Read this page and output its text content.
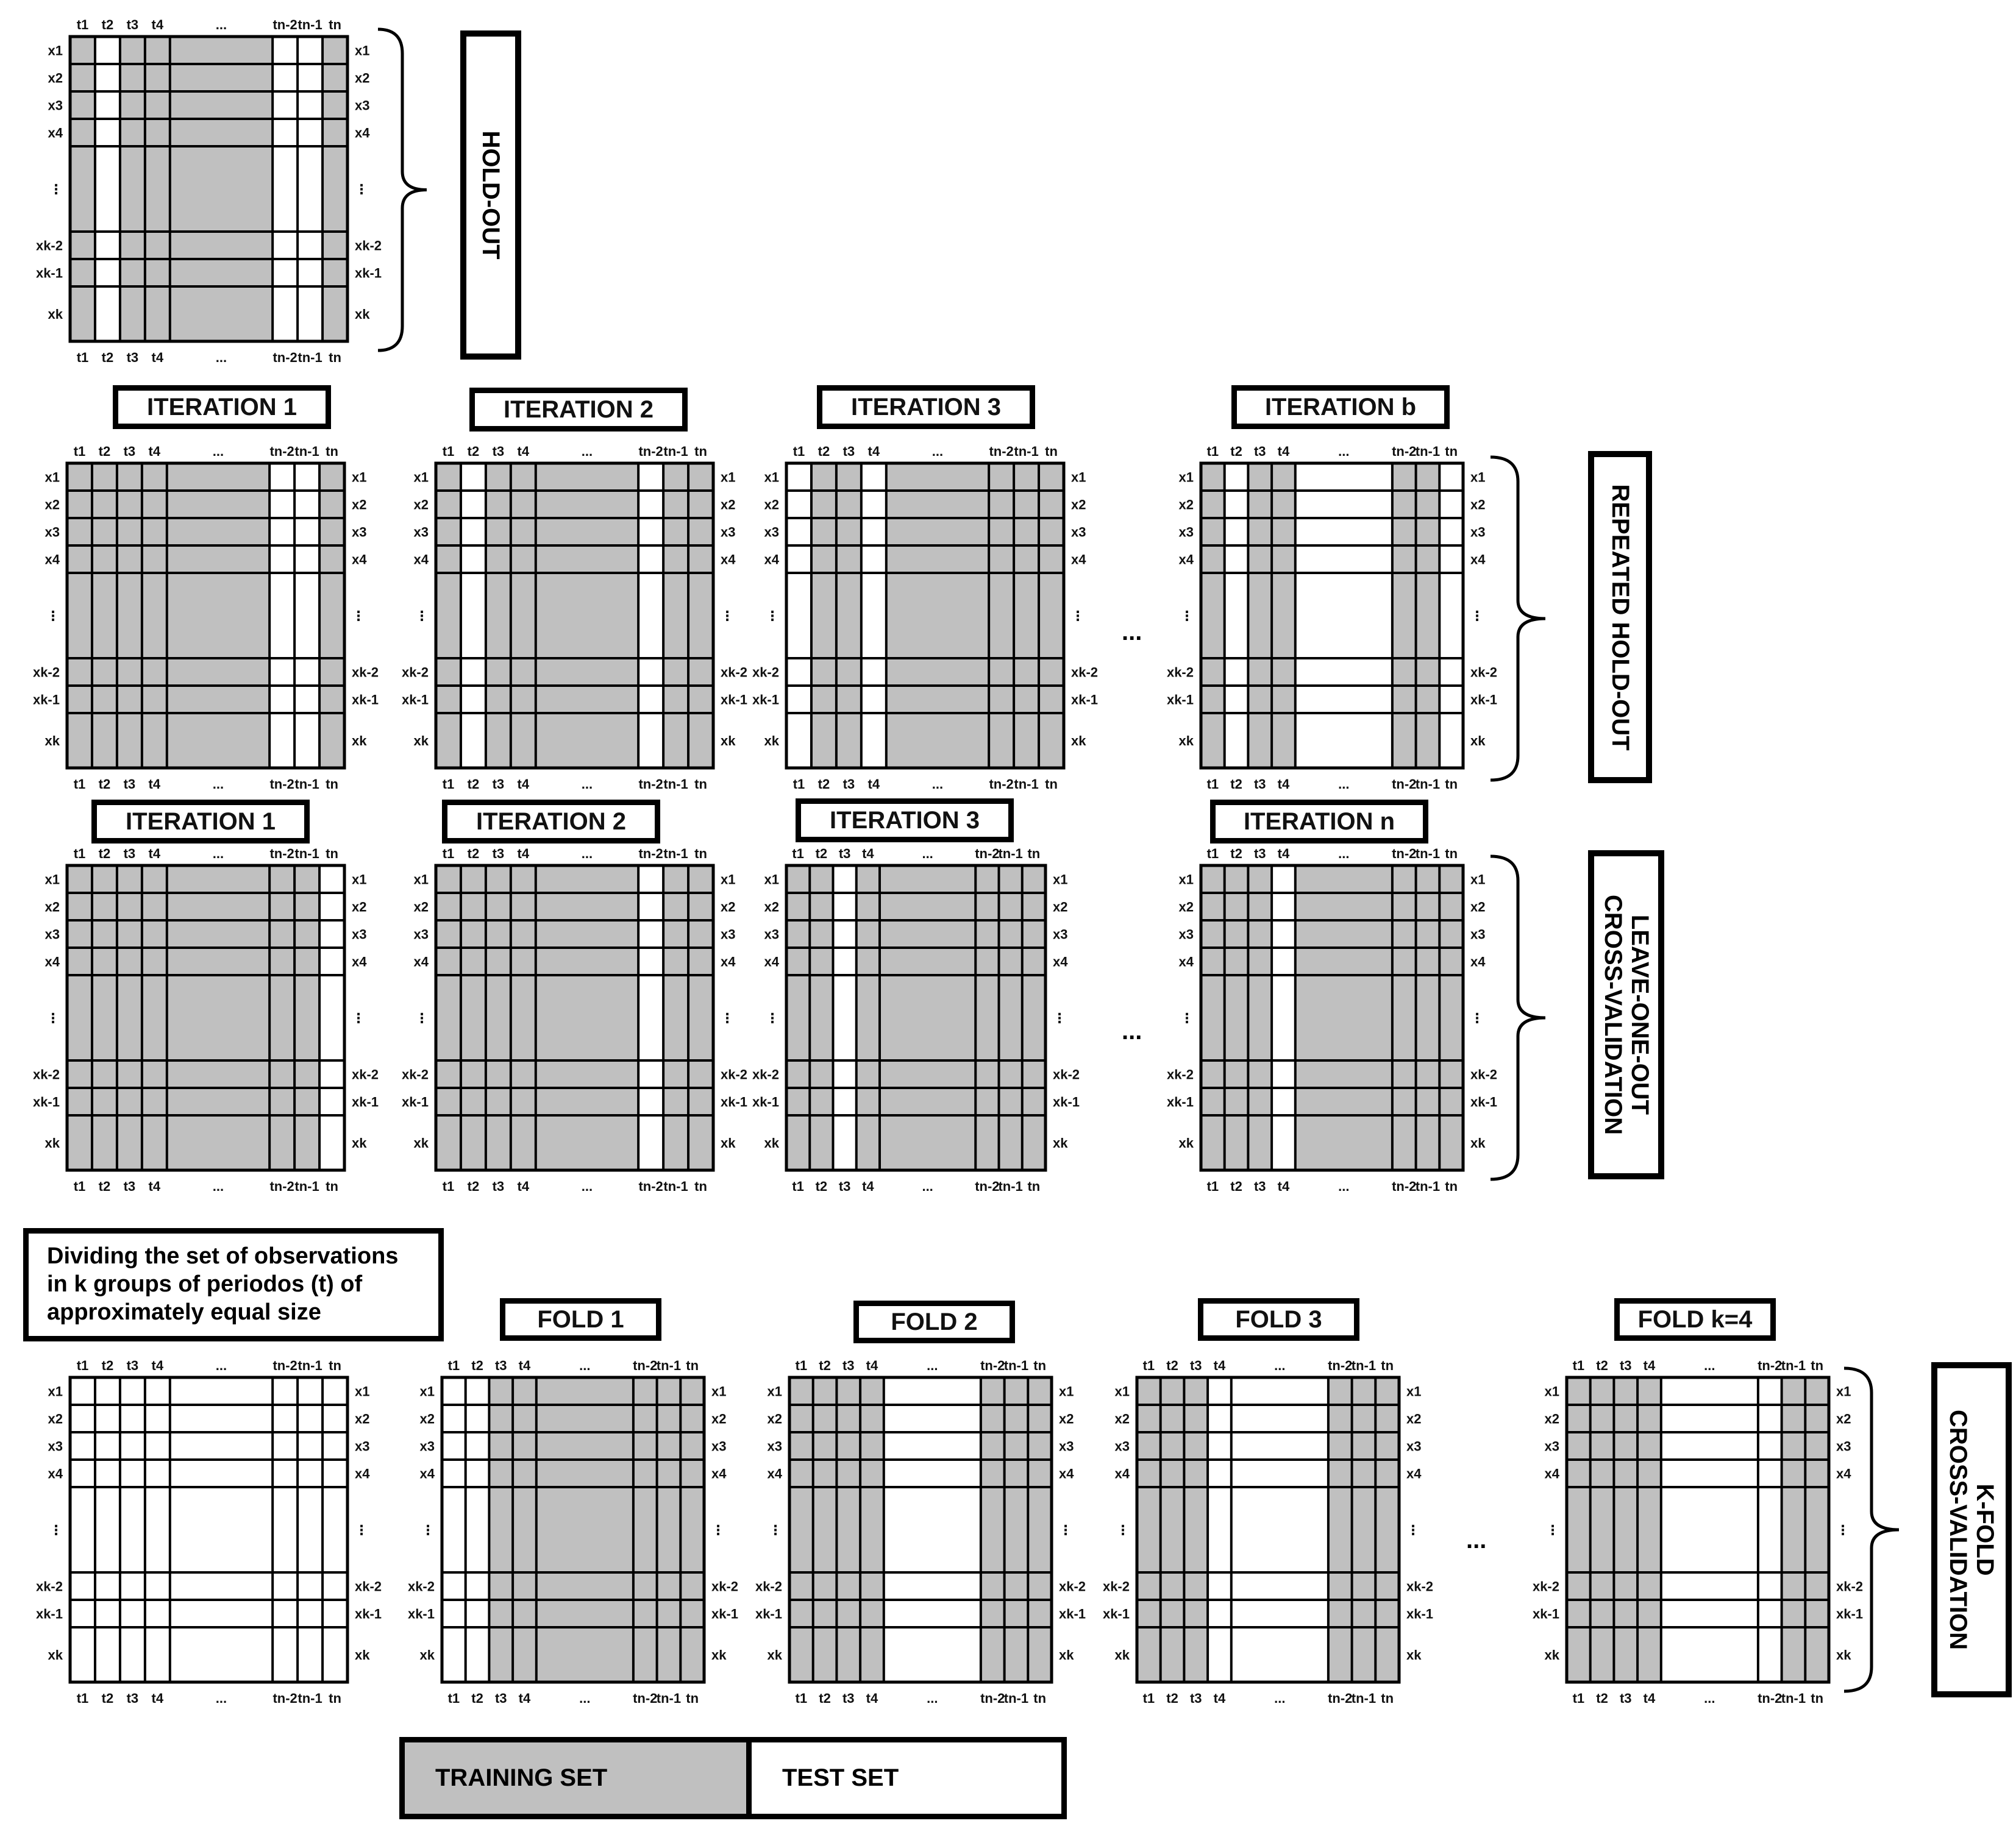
t1
t1
t2
t2
t3
t3
t4
t4
...
...
tn-2
tn-2
tn-1
tn-1
tn
tn
x1	x1
x2	x2
x3	x3
x4	x4
⋮	⋮
xk-2	xk-2
xk-1	xk-1
xk	xk
t1
t1
t2
t2
t3
t3
t4
t4
...
...
tn-2
tn-2
tn-1
tn-1
tn
tn
x1	x1
x2	x2
x3	x3
x4	x4
⋮	⋮
xk-2	xk-2
xk-1	xk-1
xk	xk
t1
t1
t2
t2
t3
t3
t4
t4
...
...
tn-2
tn-2
tn-1
tn-1
tn
tn
x1	x1
x2	x2
x3	x3
x4	x4
⋮	⋮
xk-2	xk-2
xk-1	xk-1
xk	xk
t1
t1
t2
t2
t3
t3
t4
t4
...
...
tn-2
tn-2
tn-1
tn-1
tn
tn
x1	x1
x2	x2
x3	x3
x4	x4
⋮	⋮
xk-2	xk-2
xk-1	xk-1
xk	xk
t1
t1
t2
t2
t3
t3
t4
t4
...
...
tn-2
tn-2
tn-1
tn-1
tn
tn
x1	x1
x2	x2
x3	x3
x4	x4
⋮	⋮
xk-2	xk-2
xk-1	xk-1
xk	xk
t1
t1
t2
t2
t3
t3
t4
t4
...
...
tn-2
tn-2
tn-1
tn-1
tn
tn
x1	x1
x2	x2
x3	x3
x4	x4
⋮	⋮
xk-2	xk-2
xk-1	xk-1
xk	xk
t1
t1
t2
t2
t3
t3
t4
t4
...
...
tn-2
tn-2
tn-1
tn-1
tn
tn
x1	x1
x2	x2
x3	x3
x4	x4
⋮	⋮
xk-2	xk-2
xk-1	xk-1
xk	xk
t1
t1
t2
t2
t3
t3
t4
t4
...
...
tn-2
tn-2
tn-1
tn-1
tn
tn
x1	x1
x2	x2
x3	x3
x4	x4
⋮	⋮
xk-2	xk-2
xk-1	xk-1
xk	xk
t1
t1
t2
t2
t3
t3
t4
t4
...
...
tn-2
tn-2
tn-1
tn-1
tn
tn
x1	x1
x2	x2
x3	x3
x4	x4
⋮	⋮
xk-2	xk-2
xk-1	xk-1
xk	xk
t1
t1
t2
t2
t3
t3
t4
t4
...
...
tn-2
tn-2
tn-1
tn-1
tn
tn
x1	x1
x2	x2
x3	x3
x4	x4
⋮	⋮
xk-2	xk-2
xk-1	xk-1
xk	xk
t1
t1
t2
t2
t3
t3
t4
t4
...
...
tn-2
tn-2
tn-1
tn-1
tn
tn
x1	x1
x2	x2
x3	x3
x4	x4
⋮	⋮
xk-2	xk-2
xk-1	xk-1
xk	xk
t1
t1
t2
t2
t3
t3
t4
t4
...
...
tn-2
tn-2
tn-1
tn-1
tn
tn
x1	x1
x2	x2
x3	x3
x4	x4
⋮	⋮
xk-2	xk-2
xk-1	xk-1
xk	xk
t1
t1
t2
t2
t3
t3
t4
t4
...
...
tn-2
tn-2
tn-1
tn-1
tn
tn
x1	x1
x2	x2
x3	x3
x4	x4
⋮	⋮
xk-2	xk-2
xk-1	xk-1
xk	xk
t1
t1
t2
t2
t3
t3
t4
t4
...
...
tn-2
tn-2
tn-1
tn-1
tn
tn
x1	x1
x2	x2
x3	x3
x4	x4
⋮	⋮
xk-2	xk-2
xk-1	xk-1
xk	xk
HOLD-OUT
ITERATION 1	ITERATION 2	ITERATION 3	ITERATION b
...	REPEATED HOLD-OUT
ITERATION 1	ITERATION 2	ITERATION 3	ITERATION n
...	LEAVE-ONE-OUT
CROSS-VALIDATION
Dividing the set of observations in k groups of periodos (t) of approximately equal size	FOLD 1	FOLD 2	FOLD 3	FOLD k=4
...	K-FOLD
CROSS-VALIDATION
TRAINING SET	TEST SET
